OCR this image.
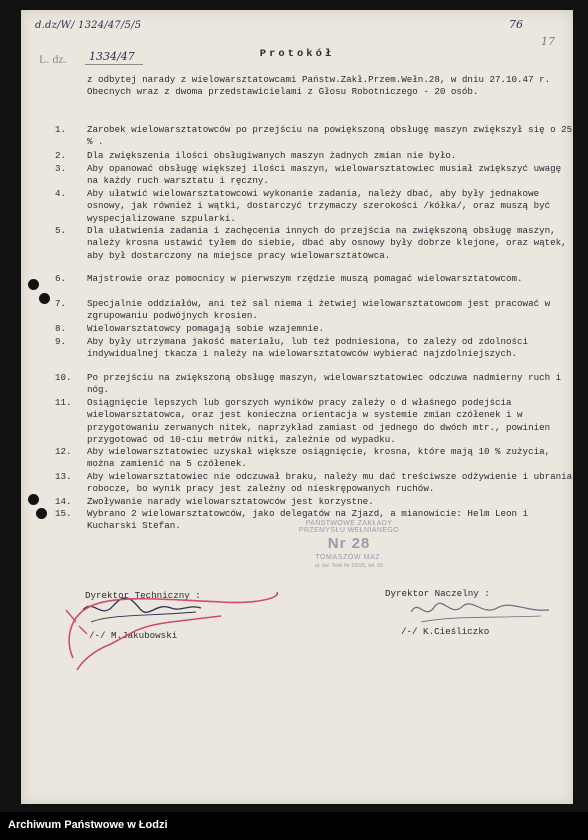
d.dz/W/ 1324/47/5/5
L. dz. 1334/47
76
17
Protokół
z odbytej narady z wielowarsztatowcami Państw.Zakł.Przem.Wełn.28, w dniu 27.10.47 r. Obecnych wraz z dwoma przedstawicielami z Głosu Robotniczego - 20 osób.
1.	Zarobek wielowarsztatowców po przejściu na powiększoną obsługę maszyn zwiększył się o 25 % .
2.	Dla zwiększenia ilości obsługiwanych maszyn żadnych zmian nie było.
3.	Aby opanować obsługę większej ilości maszyn, wielowarsztatowiec musiał zwiększyć uwagę na każdy ruch warsztatu i ręczny.
4.	Aby ułatwić wielowarsztatowcowi wykonanie zadania, należy dbać, aby były jednakowe osnowy, jak również i wątki, dostarczyć trzymaczy szerokości /kółka/, oraz muszą być wyspecjalizowane szpularki.
5.	Dla ułatwienia zadania i zachęcenia innych do przejścia na zwiększoną obsługę maszyn, należy krosna ustawić tyłem do siebie, dbać aby osnowy były dobrze klejone, oraz wątek, aby był dostarczony na miejsce pracy wielowarsztatowca.
6.	Majstrowie oraz pomocnicy w pierwszym rzędzie muszą pomagać wielowarsztatowcom.
7.	Specjalnie oddziałów, ani też sal niema i żetwiej wielowarsztatowcom jest pracować w zgrupowaniu podwójnych krosien.
8.	Wielowarsztatowcy pomagają sobie wzajemnie.
9.	Aby były utrzymana jakość materiału, lub też podniesiona, to zależy od zdolności indywidualnej tkacza i należy na wielowarsztatowców wybierać najzdolniejszych.
10.	Po przejściu na zwiększoną obsługę maszyn, wielowarsztatowiec odczuwa nadmierny ruch i nóg.
11.	Osiągnięcie lepszych lub gorszych wyników pracy zależy o d właśnego podejścia wielowarsztatowca, oraz jest konieczna orientacja w systemie zmian czółenek i w przygotowaniu zerwanych nitek, naprzykład zamiast od jednego do dwóch mtr., powinien przygotować od 10-ciu metrów nitki, zależnie od wypadku.
12.	Aby wielowarsztatowiec uzyskał większe osiągnięcie, krosna, które mają 10 % zużycia, można zamienić na 5 czółenek.
13.	Aby wielowarsztatowiec nie odczuwał braku, należy mu dać treściwsze odżywienie i ubrania robocze, bo wynik pracy jest zależny od nieskrępowanych ruchów.
14.	Zwoływanie narady wielowarsztatowców jest korzystne.
15.	Wybrano 2 wielowarsztatowców, jako delegatów na Zjazd, a mianowicie: Helm Leon i Kucharski Stefan.	PAŃSTWOWE ZAKŁADY
PRZEMYSŁU WEŁNIANEGO
Nr 28
TOMASZÓW MAZ.
ul. św. Tekli Nr 23/25, tel. 65
Dyrektor Techniczny :
/-/ M.Jakubowski
Dyrektor Naczelny :
/-/ K.Cieśliczko
Archiwum Państwowe w Łodzi
